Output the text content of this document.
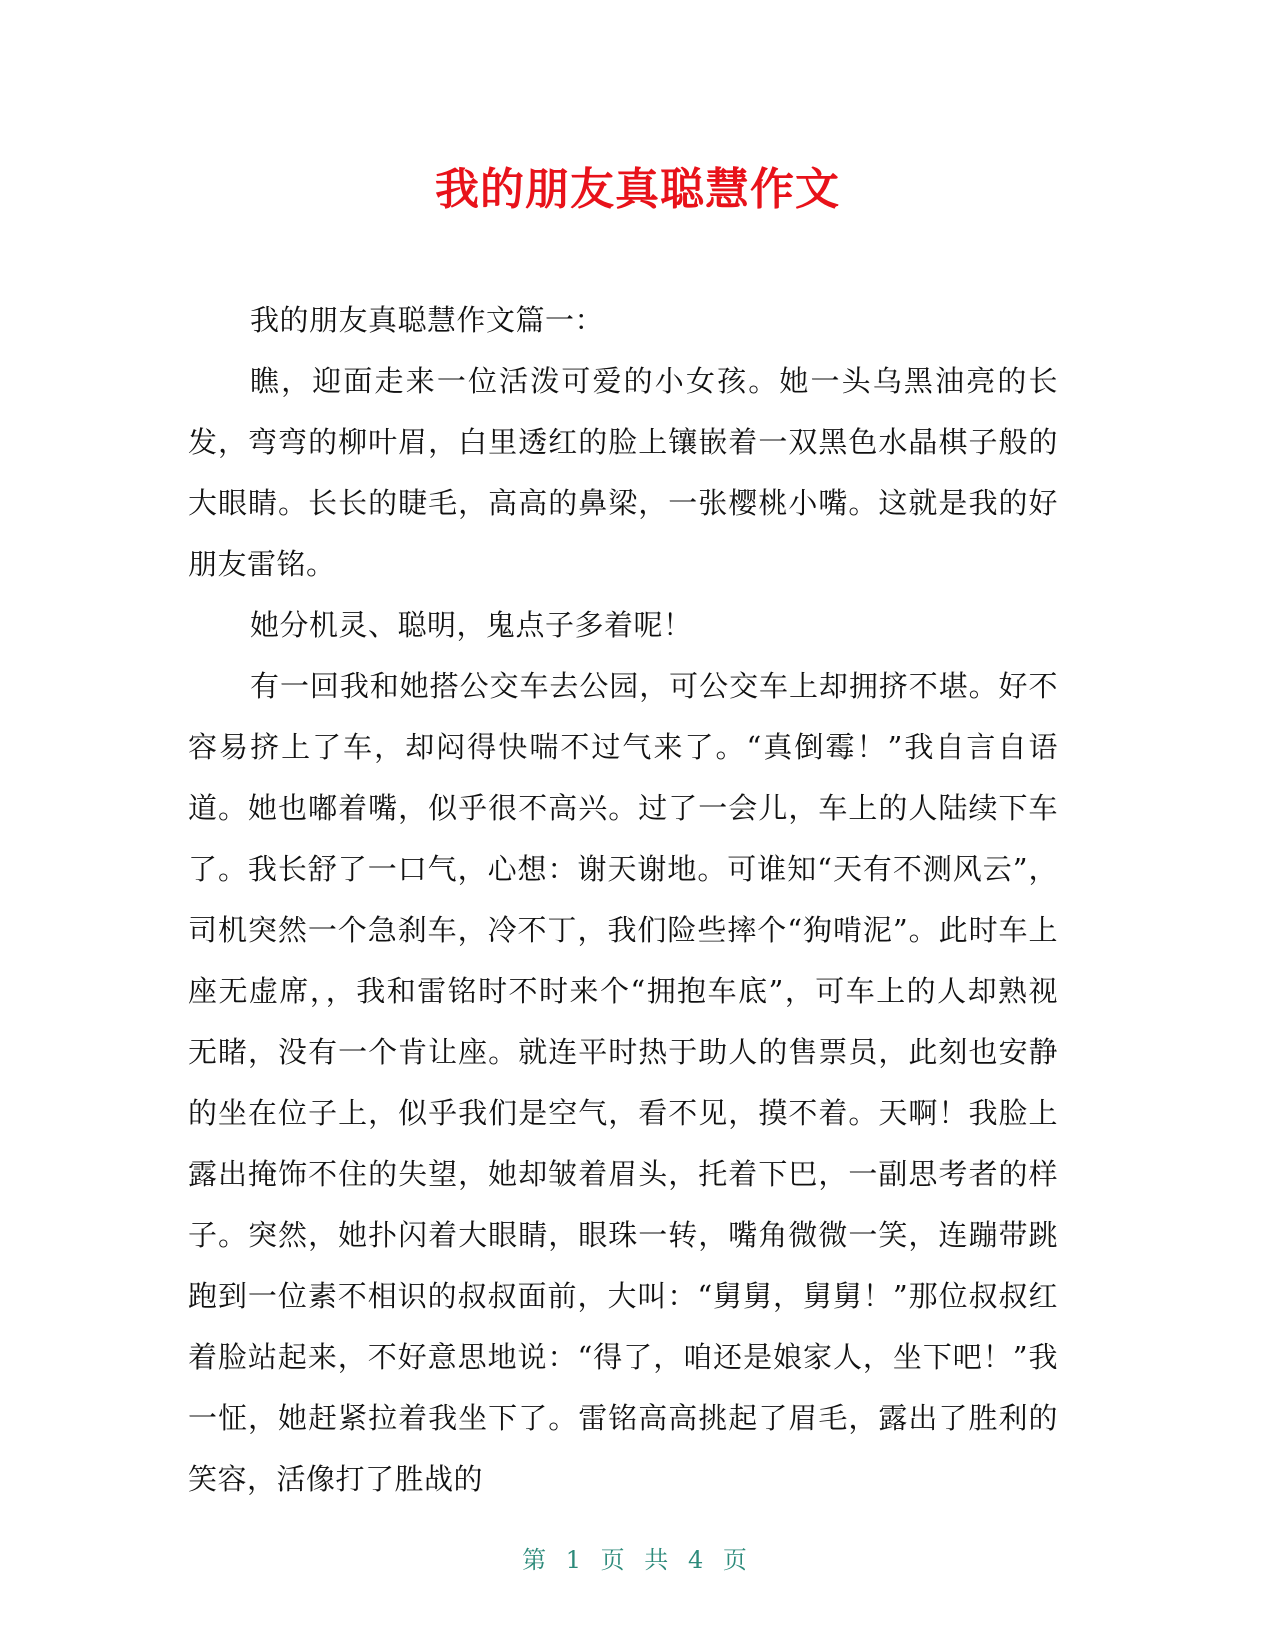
我的朋友真聪慧作文

我的朋友真聪慧作文篇一：

瞧，迎面走来一位活泼可爱的小女孩。她一头乌黑油亮的长发，弯弯的柳叶眉，白里透红的脸上镶嵌着一双黑色水晶棋子般的大眼睛。长长的睫毛，高高的鼻梁，一张樱桃小嘴。这就是我的好朋友雷铭。

她分机灵、聪明，鬼点子多着呢！

有一回我和她搭公交车去公园，可公交车上却拥挤不堪。好不容易挤上了车，却闷得快喘不过气来了。“真倒霉！”我自言自语道。她也嘟着嘴，似乎很不高兴。过了一会儿，车上的人陆续下车了。我长舒了一口气，心想：谢天谢地。可谁知“天有不测风云”，司机突然一个急刹车，冷不丁，我们险些摔个“狗啃泥”。此时车上座无虚席，，我和雷铭时不时来个“拥抱车底”，可车上的人却熟视无睹，没有一个肯让座。就连平时热于助人的售票员，此刻也安静的坐在位子上，似乎我们是空气，看不见，摸不着。天啊！我脸上露出掩饰不住的失望，她却皱着眉头，托着下巴，一副思考者的样子。突然，她扑闪着大眼睛，眼珠一转，嘴角微微一笑，连蹦带跳跑到一位素不相识的叔叔面前，大叫：“舅舅，舅舅！”那位叔叔红着脸站起来，不好意思地说：“得了，咱还是娘家人，坐下吧！”我一怔，她赶紧拉着我坐下了。雷铭高高挑起了眉毛，露出了胜利的笑容，活像打了胜战的

第 1 页 共 4 页
